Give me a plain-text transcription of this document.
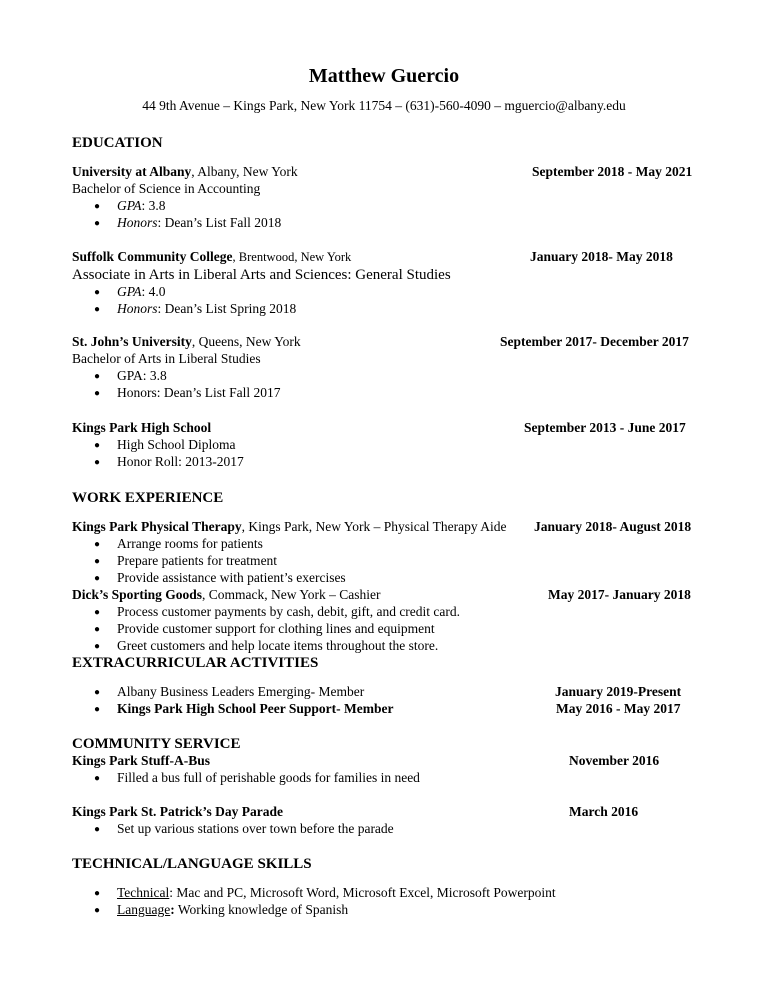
Matthew Guercio
44 9th Avenue – Kings Park, New York 11754 – (631)-560-4090 – mguercio@albany.edu
EDUCATION
University at Albany, Albany, New York	September 2018 - May 2021
Bachelor of Science in Accounting
● GPA: 3.8
● Honors: Dean’s List Fall 2018
Suffolk Community College, Brentwood, New York	January 2018- May 2018
Associate in Arts in Liberal Arts and Sciences: General Studies
● GPA: 4.0
● Honors: Dean’s List Spring 2018
St. John’s University, Queens, New York	September 2017- December 2017
Bachelor of Arts in Liberal Studies
● GPA: 3.8
● Honors: Dean’s List Fall 2017
Kings Park High School	September 2013 - June 2017
● High School Diploma
● Honor Roll: 2013-2017
WORK EXPERIENCE
Kings Park Physical Therapy, Kings Park, New York – Physical Therapy Aide January 2018- August 2018
● Arrange rooms for patients
● Prepare patients for treatment
● Provide assistance with patient’s exercises
Dick’s Sporting Goods, Commack, New York – Cashier	May 2017- January 2018
● Process customer payments by cash, debit, gift, and credit card.
● Provide customer support for clothing lines and equipment
● Greet customers and help locate items throughout the store.
EXTRACURRICULAR ACTIVITIES
● Albany Business Leaders Emerging- Member	January 2019-Present
● Kings Park High School Peer Support- Member	May 2016 - May 2017
COMMUNITY SERVICE
Kings Park Stuff-A-Bus	November 2016
● Filled a bus full of perishable goods for families in need
Kings Park St. Patrick’s Day Parade	March 2016
● Set up various stations over town before the parade
TECHNICAL/LANGUAGE SKILLS
● Technical: Mac and PC, Microsoft Word, Microsoft Excel, Microsoft Powerpoint
● Language: Working knowledge of Spanish
